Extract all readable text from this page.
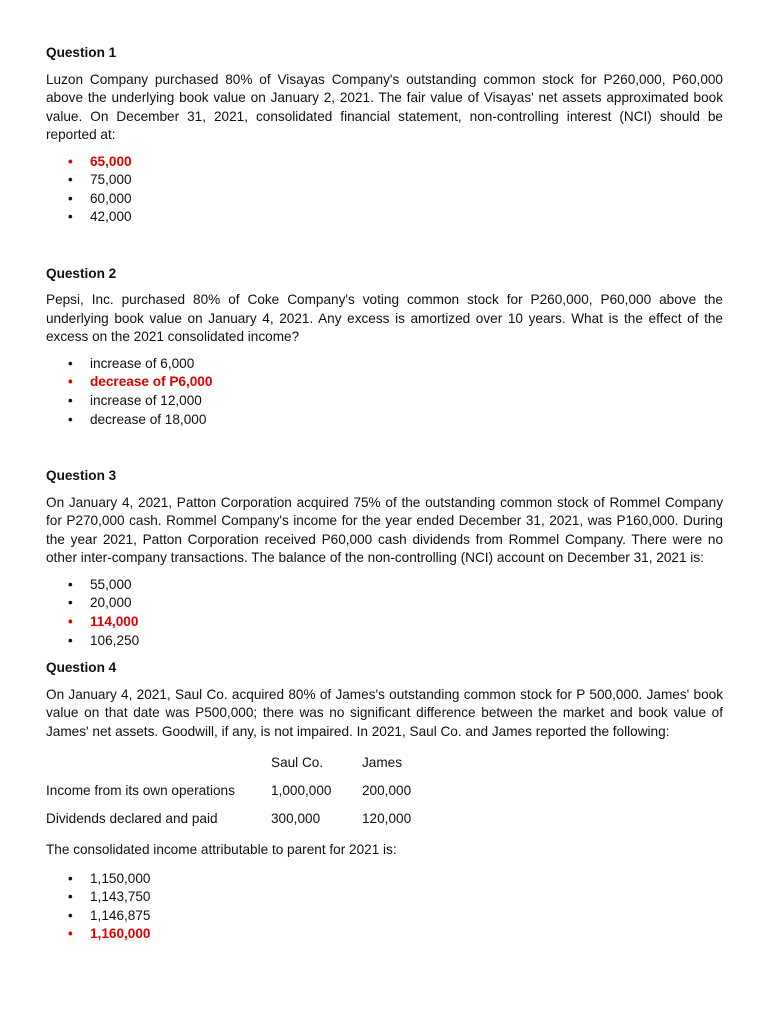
Question 1

Luzon Company purchased 80% of Visayas Company's outstanding common stock for P260,000, P60,000 above the underlying book value on January 2, 2021. The fair value of Visayas' net assets approximated book value. On December 31, 2021, consolidated financial statement, non-controlling interest (NCI) should be reported at:

• 65,000
• 75,000
• 60,000
• 42,000
Question 2

Pepsi, Inc. purchased 80% of Coke Company's voting common stock for P260,000, P60,000 above the underlying book value on January 4, 2021. Any excess is amortized over 10 years. What is the effect of the excess on the 2021 consolidated income?

• increase of 6,000
• decrease of P6,000
• increase of 12,000
• decrease of 18,000
Question 3

On January 4, 2021, Patton Corporation acquired 75% of the outstanding common stock of Rommel Company for P270,000 cash. Rommel Company's income for the year ended December 31, 2021, was P160,000. During the year 2021, Patton Corporation received P60,000 cash dividends from Rommel Company. There were no other inter-company transactions. The balance of the non-controlling (NCI) account on December 31, 2021 is:

• 55,000
• 20,000
• 114,000
• 106,250
Question 4

On January 4, 2021, Saul Co. acquired 80% of James's outstanding common stock for P 500,000. James' book value on that date was P500,000; there was no significant difference between the market and book value of James' net assets. Goodwill, if any, is not impaired. In 2021, Saul Co. and James reported the following:

	Saul Co.	James
Income from its own operations	1,000,000	200,000
Dividends declared and paid	300,000	120,000

The consolidated income attributable to parent for 2021 is:

• 1,150,000
• 1,143,750
• 1,146,875
• 1,160,000
